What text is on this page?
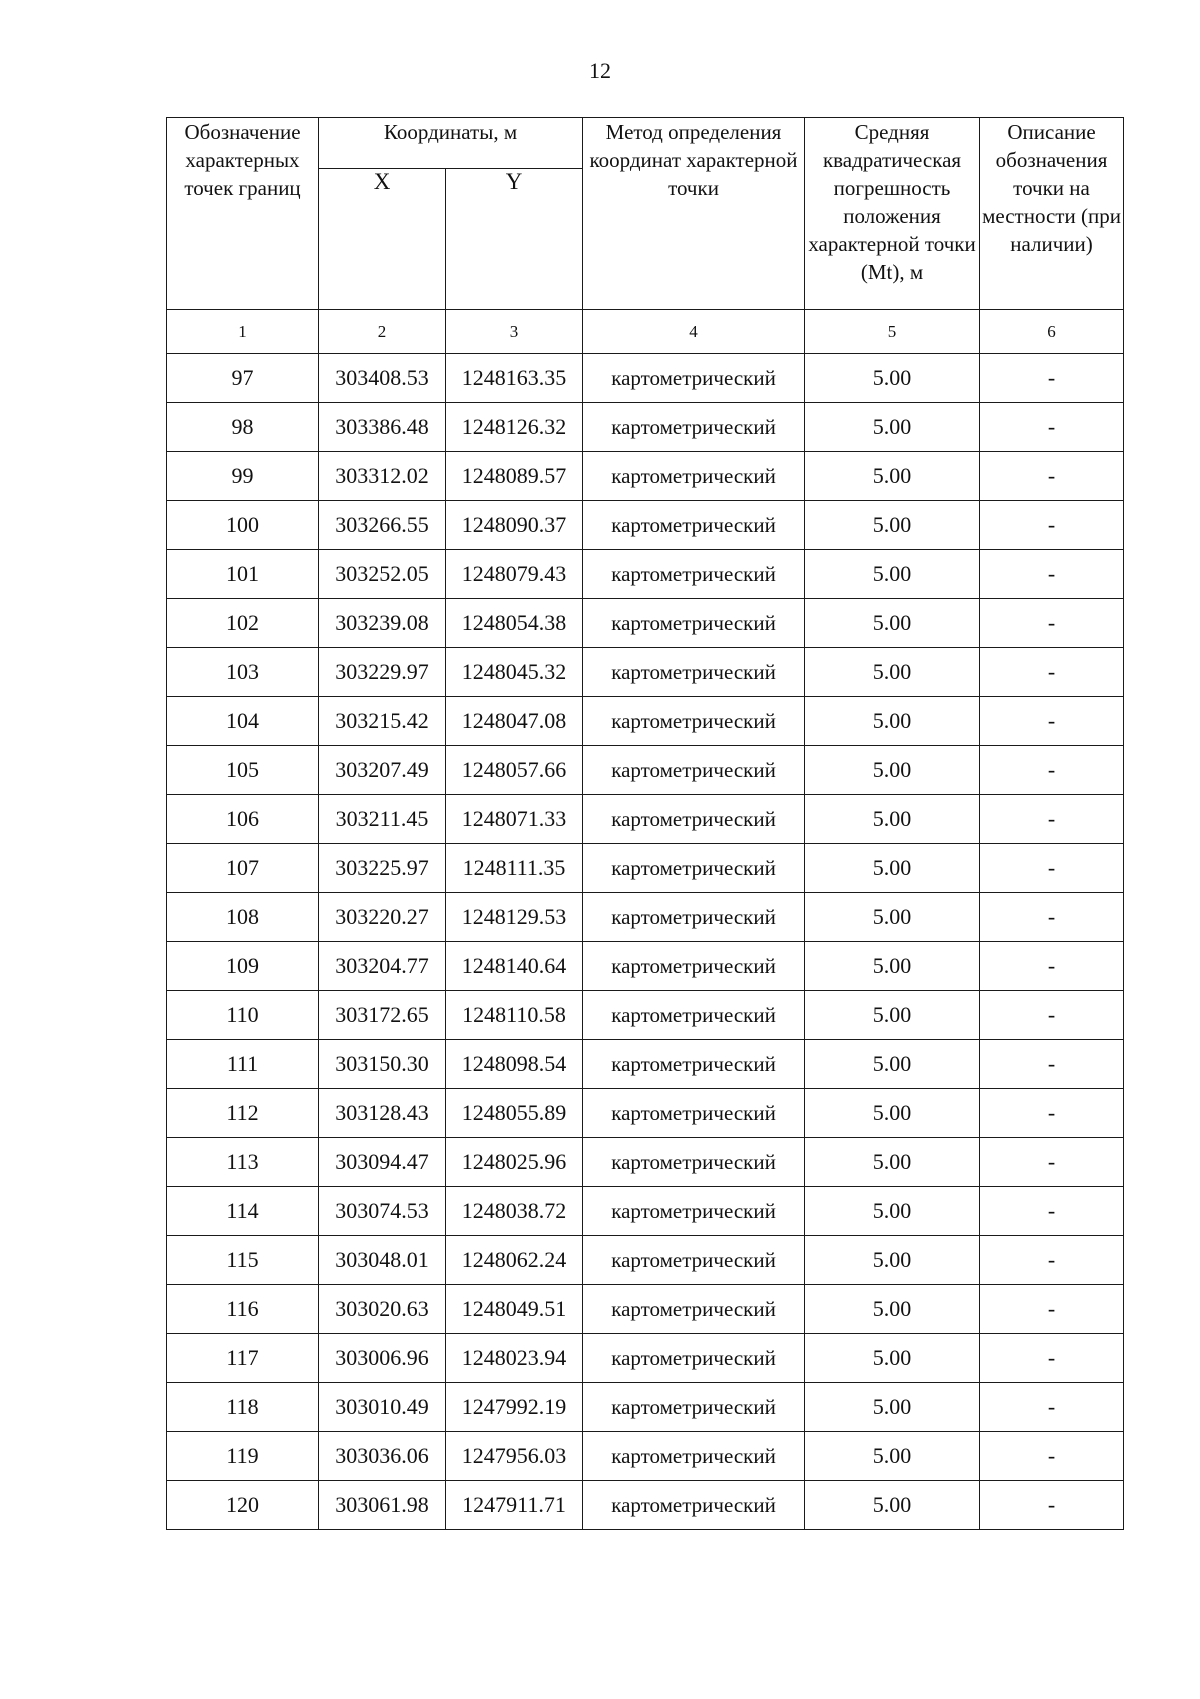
12
Обозначение характерных точек границ	Координаты, м		Метод определения координат характерной точки	Средняя квадратическая погрешность положения характерной точки (Mt), м	Описание обозначения точки на местности (при наличии)
	X	Y			
1	2	3	4	5	6
97	303408.53	1248163.35	картометрический	5.00	-
98	303386.48	1248126.32	картометрический	5.00	-
99	303312.02	1248089.57	картометрический	5.00	-
100	303266.55	1248090.37	картометрический	5.00	-
101	303252.05	1248079.43	картометрический	5.00	-
102	303239.08	1248054.38	картометрический	5.00	-
103	303229.97	1248045.32	картометрический	5.00	-
104	303215.42	1248047.08	картометрический	5.00	-
105	303207.49	1248057.66	картометрический	5.00	-
106	303211.45	1248071.33	картометрический	5.00	-
107	303225.97	1248111.35	картометрический	5.00	-
108	303220.27	1248129.53	картометрический	5.00	-
109	303204.77	1248140.64	картометрический	5.00	-
110	303172.65	1248110.58	картометрический	5.00	-
111	303150.30	1248098.54	картометрический	5.00	-
112	303128.43	1248055.89	картометрический	5.00	-
113	303094.47	1248025.96	картометрический	5.00	-
114	303074.53	1248038.72	картометрический	5.00	-
115	303048.01	1248062.24	картометрический	5.00	-
116	303020.63	1248049.51	картометрический	5.00	-
117	303006.96	1248023.94	картометрический	5.00	-
118	303010.49	1247992.19	картометрический	5.00	-
119	303036.06	1247956.03	картометрический	5.00	-
120	303061.98	1247911.71	картометрический	5.00	-
